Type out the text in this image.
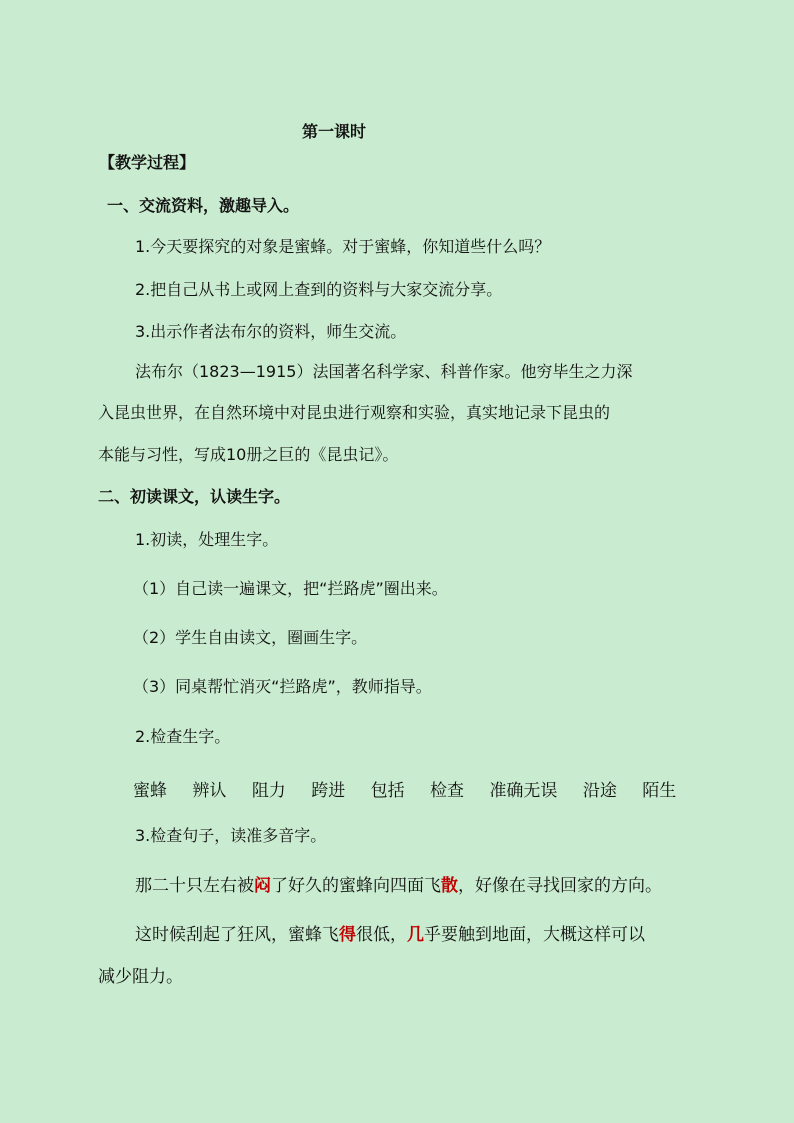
第一课时
【教学过程】
一、交流资料，激趣导入。
1.今天要探究的对象是蜜蜂。对于蜜蜂，你知道些什么吗？
2.把自己从书上或网上查到的资料与大家交流分享。
3.出示作者法布尔的资料，师生交流。
法布尔（1823—1915）法国著名科学家、科普作家。他穷毕生之力深
入昆虫世界，在自然环境中对昆虫进行观察和实验，真实地记录下昆虫的
本能与习性，写成10册之巨的《昆虫记》。
二、初读课文，认读生字。
1.初读，处理生字。
（1）自己读一遍课文，把“拦路虎”圈出来。
（2）学生自由读文，圈画生字。
（3）同桌帮忙消灭“拦路虎”，教师指导。
2.检查生字。
蜜蜂 辨认 阻力 跨进 包括 检查 准确无误 沿途 陌生
3.检查句子，读准多音字。
那二十只左右被闷了好久的蜜蜂向四面飞散，好像在寻找回家的方向。
这时候刮起了狂风，蜜蜂飞得很低，几乎要触到地面，大概这样可以
减少阻力。
